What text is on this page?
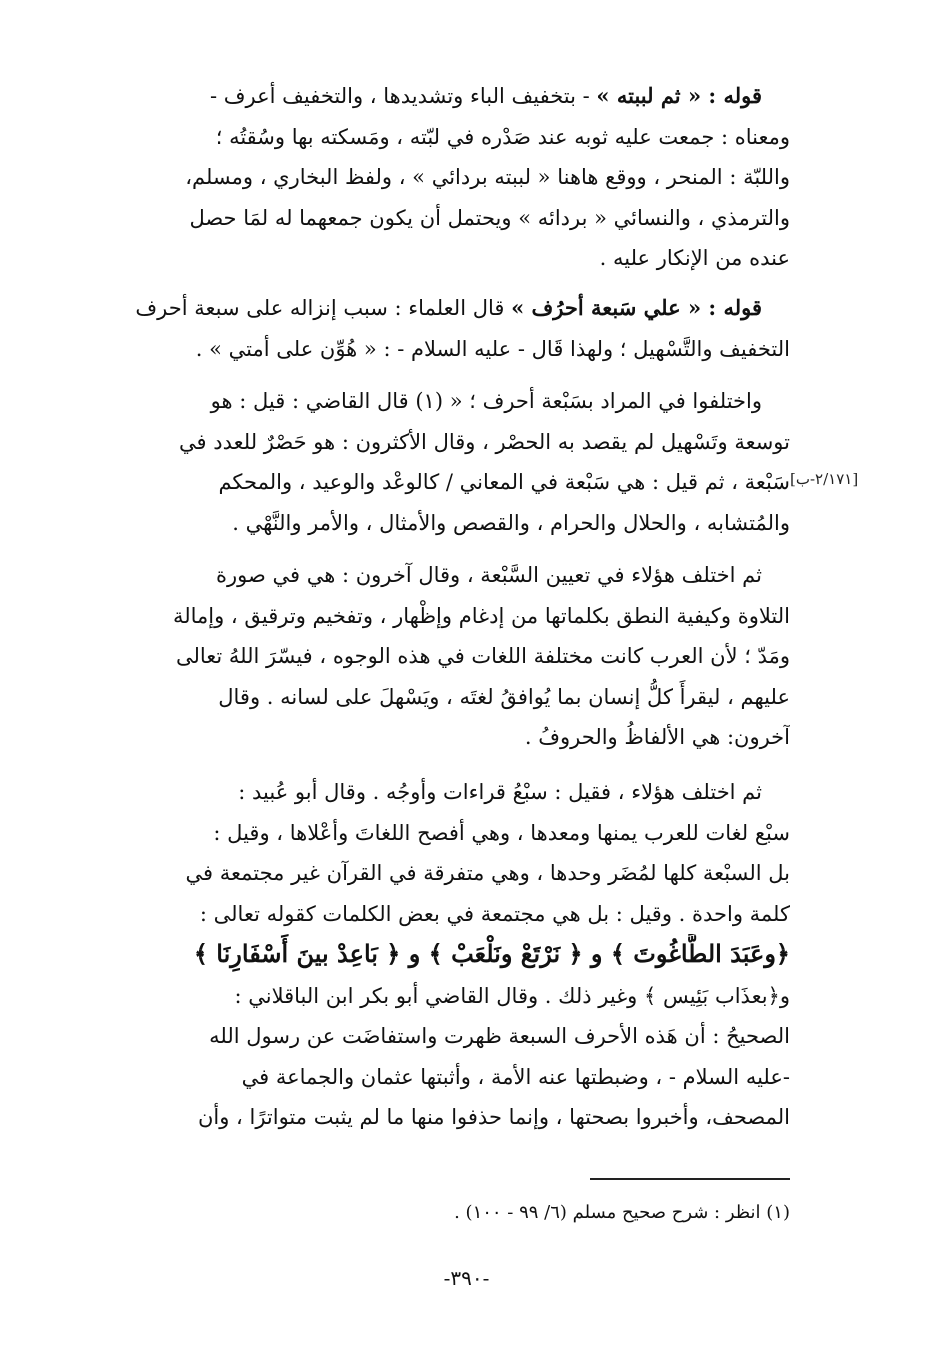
قوله : « ثم لببته » - بتخفيف الباء وتشديدها ، والتخفيف أعرف -
ومعناه : جمعت عليه ثوبه عند صَدْره في لبّته ، ومَسكته بها وسُقتُه ؛
واللبّة : المنحر ، ووقع هاهنا « لببته بردائي » ، ولفظ البخاري ، ومسلم،
والترمذي ، والنسائي « بردائه » ويحتمل أن يكون جمعهما له لمَا حصل
عنده من الإنكار عليه .
قوله : « علي سَبعة أحرُف » قال العلماء : سبب إنزاله على سبعة أحرف
التخفيف والتَّسْهيل ؛ ولهذا قَال - عليه السلام - : « هُوِّن على أمتي » .
واختلفوا في المراد بسَبْعة أحرف ؛ « (١) قال القاضي : قيل : هو
توسعة وتَسْهيل لم يقصد به الحصْر ، وقال الأكثرون : هو حَصْرٌ للعدد في
سَبْعة ، ثم قيل : هي سَبْعة في المعاني / كالوعْد والوعيد ، والمحكم
والمُتشابه ، والحلال والحرام ، والقصص والأمثال ، والأمر والنَّهْي .
ثم اختلف هؤلاء في تعيين السَّبْعة ، وقال آخرون : هي في صورة
التلاوة وكيفية النطق بكلماتها من إدغام وإظْهار ، وتفخيم وترقيق ، وإمالة
ومَدّ ؛ لأن العرب كانت مختلفة اللغات في هذه الوجوه ، فيسّرَ اللهُ تعالى
عليهم ، ليقرأَ كلُّ إنسان بما يُوافقُ لغتَه ، ويَسْهلَ على لسانه . وقال
آخرون: هي الألفاظُ والحروفُ .
ثم اختلف هؤلاء ، فقيل : سبْعُ قراءات وأوجُه . وقال أبو عُبيد :
سبْع لغات للعرب يمنها ومعدها ، وهي أفصح اللغاتَ وأعْلاها ، وقيل :
بل السبْعة كلها لمُضَر وحدها ، وهي متفرقة في القرآن غير مجتمعة في
كلمة واحدة . وقيل : بل هي مجتمعة في بعض الكلمات كقوله تعالى :
﴿وعَبَدَ الطَّاغُوتَ ﴾ و ﴿ نَرْتَعْ ونَلْعَبْ ﴾ و ﴿ بَاعِدْ بينَ أَسْفَارِنَا ﴾
و﴿بعذَاب بَئِيس ﴾ وغير ذلك . وقال القاضي أبو بكر ابن الباقلاني :
الصحيحُ : أن هَذه الأحرف السبعة ظهرت واستفاضَت عن رسول الله
-عليه السلام - ، وضبطتها عنه الأمة ، وأثبتها عثمان والجماعة في
المصحف، وأخبروا بصحتها ، وإنما حذفوا منها ما لم يثبت متواترًا ، وأن
[٢/١٧١-ب]
(١) انظر : شرح صحيح مسلم (٦/ ٩٩ - ١٠٠) .
-٣٩٠-
